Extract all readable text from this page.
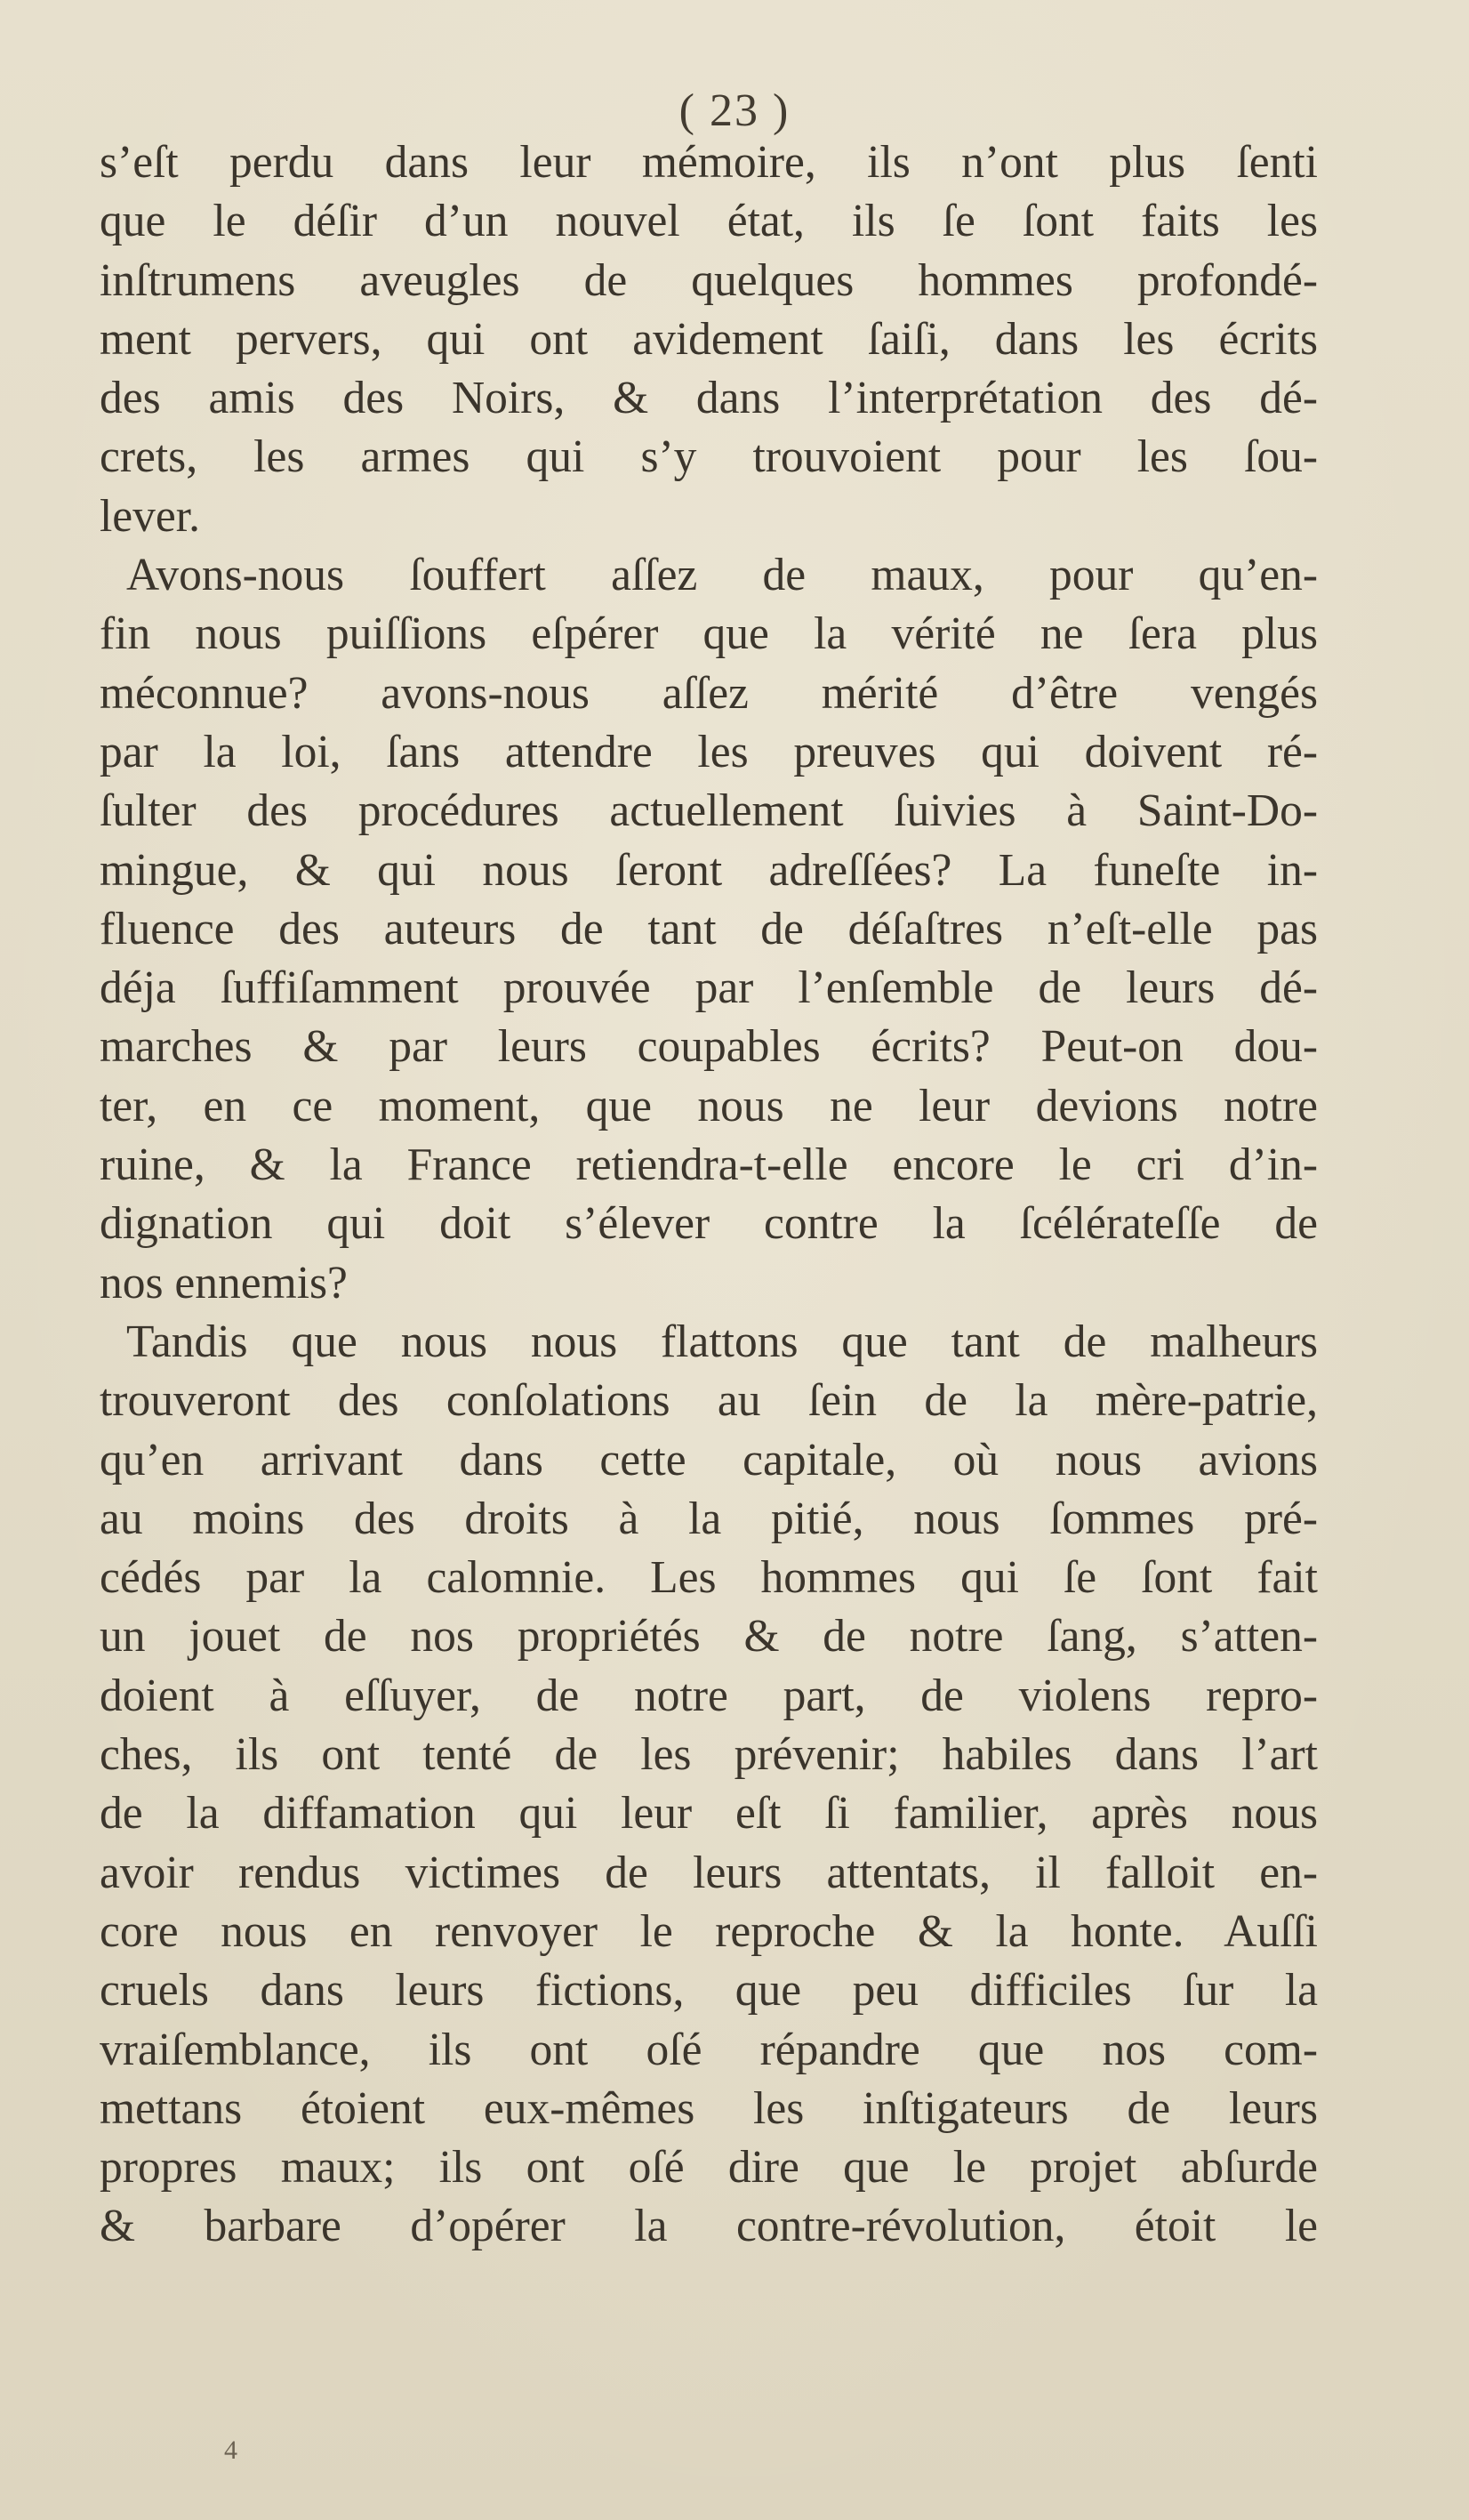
( 23 )
s’eſt perdu dans leur mémoire, ils n’ont plus ſenti
que le déſir d’un nouvel état, ils ſe ſont faits les
inſtrumens aveugles de quelques hommes profondé-
ment pervers, qui ont avidement ſaiſi, dans les écrits
des amis des Noirs, & dans l’interprétation des dé-
crets, les armes qui s’y trouvoient pour les ſou-
lever.
Avons-nous ſouffert aſſez de maux, pour qu’en-
fin nous puiſſions eſpérer que la vérité ne ſera plus
méconnue? avons-nous aſſez mérité d’être vengés
par la loi, ſans attendre les preuves qui doivent ré-
ſulter des procédures actuellement ſuivies à Saint-Do-
mingue, & qui nous ſeront adreſſées? La funeſte in-
fluence des auteurs de tant de déſaſtres n’eſt-elle pas
déja ſuffiſamment prouvée par l’enſemble de leurs dé-
marches & par leurs coupables écrits? Peut-on dou-
ter, en ce moment, que nous ne leur devions notre
ruine, & la France retiendra-t-elle encore le cri d’in-
dignation qui doit s’élever contre la ſcélérateſſe de
nos ennemis?
Tandis que nous nous flattons que tant de malheurs
trouveront des conſolations au ſein de la mère-patrie,
qu’en arrivant dans cette capitale, où nous avions
au moins des droits à la pitié, nous ſommes pré-
cédés par la calomnie. Les hommes qui ſe ſont fait
un jouet de nos propriétés & de notre ſang, s’atten-
doient à eſſuyer, de notre part, de violens repro-
ches, ils ont tenté de les prévenir; habiles dans l’art
de la diffamation qui leur eſt ſi familier, après nous
avoir rendus victimes de leurs attentats, il falloit en-
core nous en renvoyer le reproche & la honte. Auſſi
cruels dans leurs fictions, que peu difficiles ſur la
vraiſemblance, ils ont oſé répandre que nos com-
mettans étoient eux-mêmes les inſtigateurs de leurs
propres maux; ils ont oſé dire que le projet abſurde
& barbare d’opérer la contre-révolution, étoit le
4
